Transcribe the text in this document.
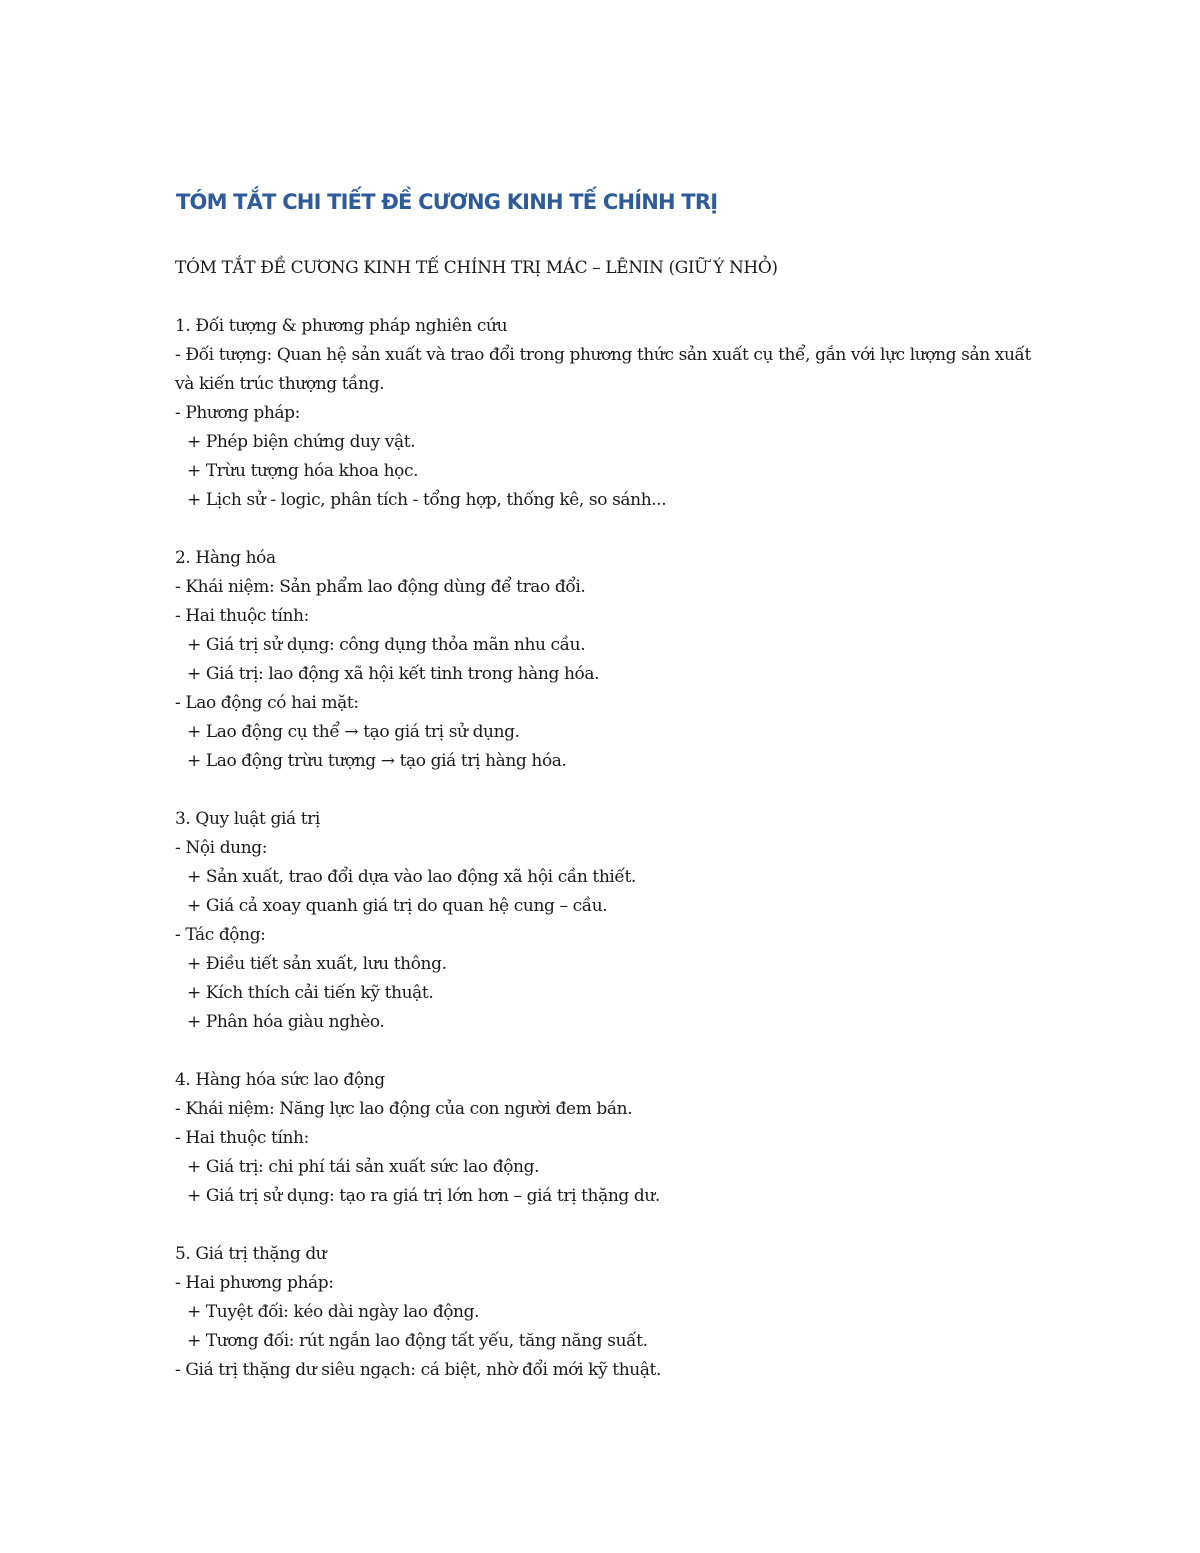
TÓM TẮT CHI TIẾT ĐỀ CƯƠNG KINH TẾ CHÍNH TRỊ

TÓM TẮT ĐỀ CƯƠNG KINH TẾ CHÍNH TRỊ MÁC – LÊNIN (GIỮ Ý NHỎ)

1. Đối tượng & phương pháp nghiên cứu

- Đối tượng: Quan hệ sản xuất và trao đổi trong phương thức sản xuất cụ thể, gắn với lực lượng sản xuất và kiến trúc thượng tầng.

- Phương pháp:

+ Phép biện chứng duy vật.

+ Trừu tượng hóa khoa học.

+ Lịch sử - logic, phân tích - tổng hợp, thống kê, so sánh...

2. Hàng hóa

- Khái niệm: Sản phẩm lao động dùng để trao đổi.

- Hai thuộc tính:

+ Giá trị sử dụng: công dụng thỏa mãn nhu cầu.

+ Giá trị: lao động xã hội kết tinh trong hàng hóa.

- Lao động có hai mặt:

+ Lao động cụ thể → tạo giá trị sử dụng.

+ Lao động trừu tượng → tạo giá trị hàng hóa.

3. Quy luật giá trị

- Nội dung:

+ Sản xuất, trao đổi dựa vào lao động xã hội cần thiết.

+ Giá cả xoay quanh giá trị do quan hệ cung – cầu.

- Tác động:

+ Điều tiết sản xuất, lưu thông.

+ Kích thích cải tiến kỹ thuật.

+ Phân hóa giàu nghèo.

4. Hàng hóa sức lao động

- Khái niệm: Năng lực lao động của con người đem bán.

- Hai thuộc tính:

+ Giá trị: chi phí tái sản xuất sức lao động.

+ Giá trị sử dụng: tạo ra giá trị lớn hơn – giá trị thặng dư.

5. Giá trị thặng dư

- Hai phương pháp:

+ Tuyệt đối: kéo dài ngày lao động.

+ Tương đối: rút ngắn lao động tất yếu, tăng năng suất.

- Giá trị thặng dư siêu ngạch: cá biệt, nhờ đổi mới kỹ thuật.
